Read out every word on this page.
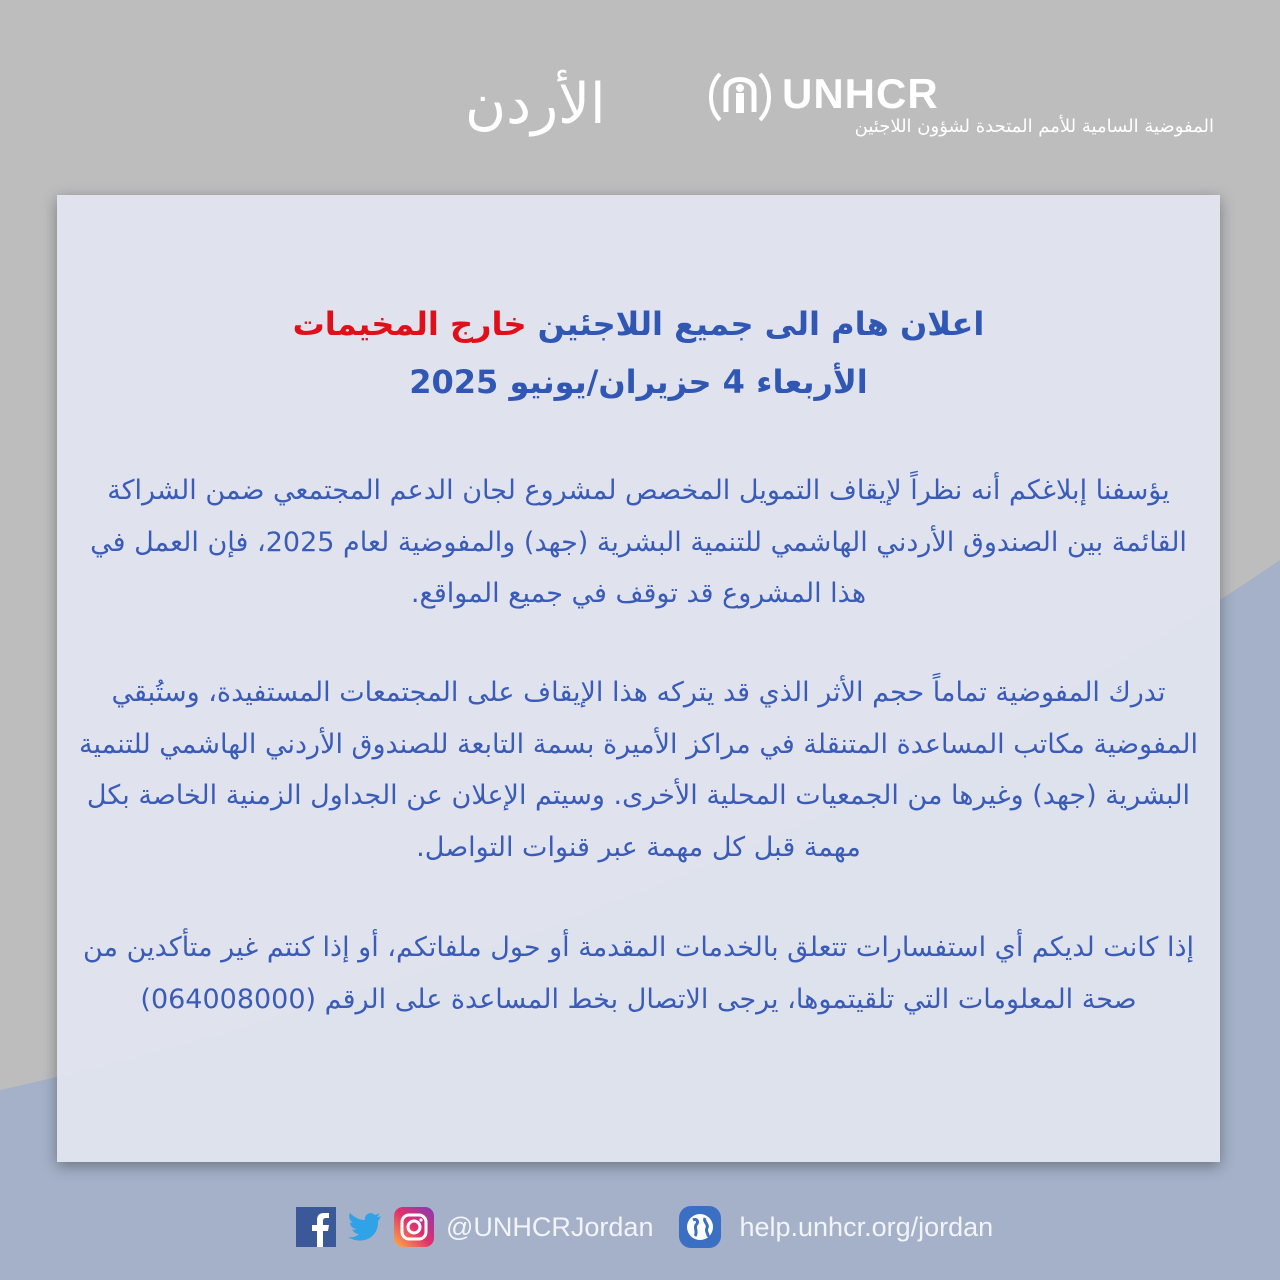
الأردن	UNHCR
المفوضية السامية للأمم المتحدة لشؤون اللاجئين
اعلان هام الى جميع اللاجئين خارج المخيمات
الأربعاء 4 حزيران/يونيو 2025
يؤسفنا إبلاغكم أنه نظراً لإيقاف التمويل المخصص لمشروع لجان الدعم المجتمعي ضمن الشراكة القائمة بين الصندوق الأردني الهاشمي للتنمية البشرية (جهد) والمفوضية لعام 2025، فإن العمل في هذا المشروع قد توقف في جميع المواقع.
تدرك المفوضية تماماً حجم الأثر الذي قد يتركه هذا الإيقاف على المجتمعات المستفيدة، وستُبقي المفوضية مكاتب المساعدة المتنقلة في مراكز الأميرة بسمة التابعة للصندوق الأردني الهاشمي للتنمية البشرية (جهد) وغيرها من الجمعيات المحلية الأخرى. وسيتم الإعلان عن الجداول الزمنية الخاصة بكل مهمة قبل كل مهمة عبر قنوات التواصل.
إذا كانت لديكم أي استفسارات تتعلق بالخدمات المقدمة أو حول ملفاتكم، أو إذا كنتم غير متأكدين من صحة المعلومات التي تلقيتموها، يرجى الاتصال بخط المساعدة على الرقم (064008000)
@UNHCRJordan	help.unhcr.org/jordan
